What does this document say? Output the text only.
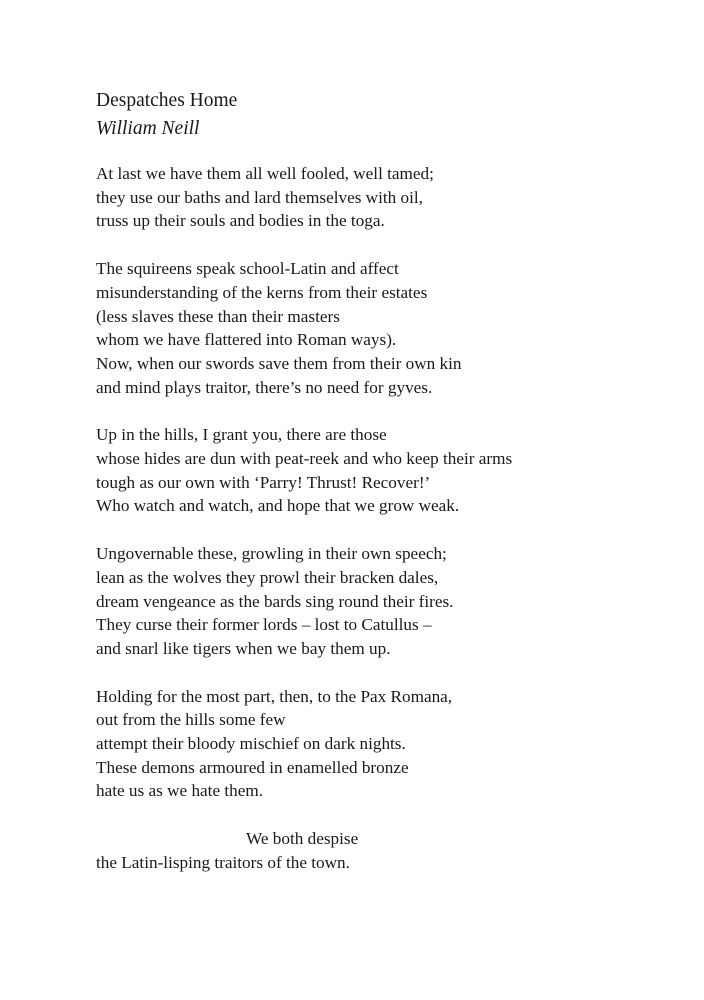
Despatches Home
William Neill
At last we have them all well fooled, well tamed;
they use our baths and lard themselves with oil,
truss up their souls and bodies in the toga.
The squireens speak school-Latin and affect
misunderstanding of the kerns from their estates
(less slaves these than their masters
whom we have flattered into Roman ways).
Now, when our swords save them from their own kin
and mind plays traitor, there’s no need for gyves.
Up in the hills, I grant you, there are those
whose hides are dun with peat-reek and who keep their arms
tough as our own with ‘Parry! Thrust! Recover!’
Who watch and watch, and hope that we grow weak.
Ungovernable these, growling in their own speech;
lean as the wolves they prowl their bracken dales,
dream vengeance as the bards sing round their fires.
They curse their former lords – lost to Catullus –
and snarl like tigers when we bay them up.
Holding for the most part, then, to the Pax Romana,
out from the hills some few
attempt their bloody mischief on dark nights.
These demons armoured in enamelled bronze
hate us as we hate them.
We both despise
the Latin-lisping traitors of the town.
